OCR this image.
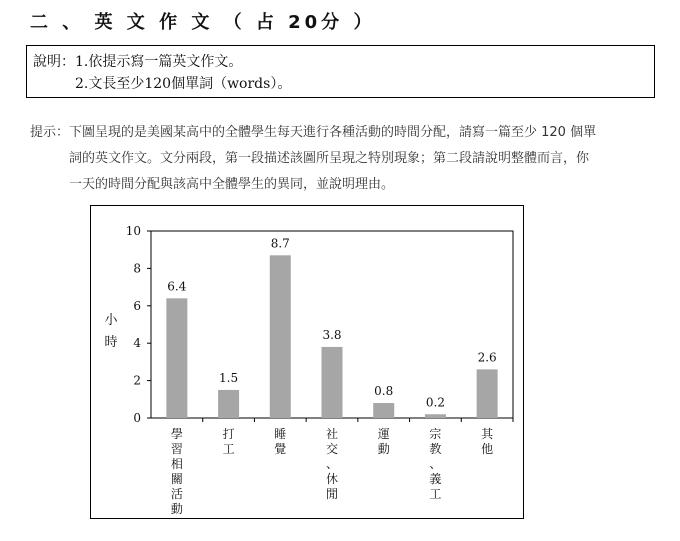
二 、 英 文 作 文 （ 占 20分 ）
說明： 1.依提示寫一篇英文作文。
2.文長至少120個單詞（words）。
提示：下圖呈現的是美國某高中的全體學生每天進行各種活動的時間分配，請寫一篇至少 120 個單
詞的英文作文。文分兩段，第一段描述該圖所呈現之特別現象；第二段請說明整體而言，你
一天的時間分配與該高中全體學生的異同，並說明理由。
0
2
4
6
8
10
小
時
6.4
學
習
相
關
活
動
1.5
打
工
8.7
睡
覺
3.8
社
交
、
休
閒
0.8
運
動
0.2
宗
教
、
義
工
2.6
其
他
